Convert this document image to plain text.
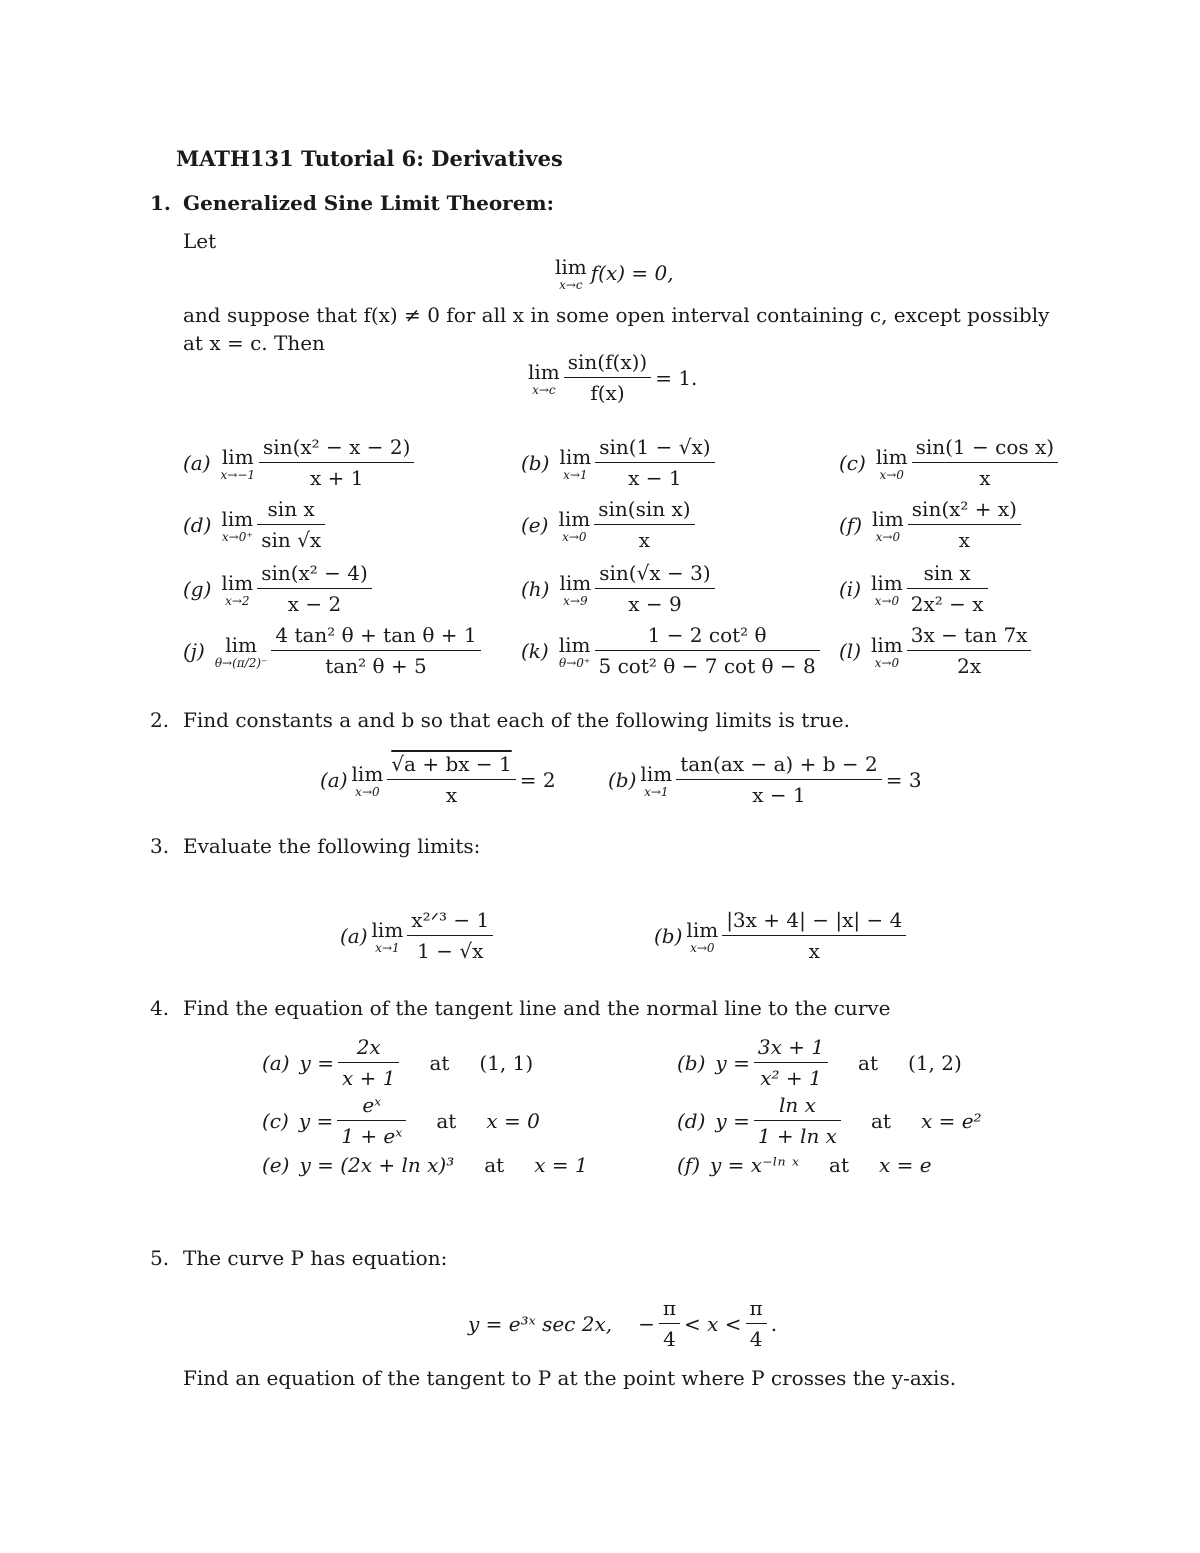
MATH131 Tutorial 6: Derivatives
1. Generalized Sine Limit Theorem:
Let
lim
x→c f(x) = 0,
and suppose that f(x) ≠ 0 for all x in some open interval containing c, except possibly
at x = c. Then
lim
$x\to c \frac{\sin(f(x))}{f(x)} = 1$.
(a) lim
$x\to-1 \frac{\text{sin(x² − x − 2)}}{x + 1}$	(b) lim
$x\to 1 \frac{\sin(1 - √x)}{x - 1}$	(c) lim
$x\to 0 \frac{\text{sin(1 − cos x)}}{x}$
(d) lim
$x\to 0^+ \frac{\text{sin x}}{\sin √x}$	(e) lim
$x\to 0 \frac{\text{sin(sin x)}}{x}$	(f) lim
$x\to 0 \frac{\text{sin(x² + x)}}{x}$
(g) lim
$x\to 2 \frac{\text{sin(x² − 4)}}{x - 2}$	(h) lim
$x\to 9 \frac{\sin(√x - 3)}{x - 9}$	(i) lim
$x\to 0 \frac{\text{sin x}}{\text{2x² − x}}$
(j)	lim
$\theta\to(\pi/2)^- \frac{\text{4 tan² θ + tan θ + 1}}{\text{tan² θ + 5}} (k)$ lim
$\theta\to 0^+ \frac{\text{1 − 2 cot² θ}}{\text{5 cot² θ − 7 cot θ − 8}} (l)$ lim
$x\to 0 \frac{3x - \tan 7x}{2x}$
2. Find constants a and b so that each of the following limits is true.
(a) lim
$x\to 0 \frac{√a + bx - 1}{x} = 2$	(b) lim
$x\to 1 \frac{\tan(ax - a) + b - 2}{x - 1} = 3$
3. Evaluate the following limits:
(a) lim
$x\to 1 \frac{\text{x²ᐟ³ − 1}}{1 - √x}$	(b) lim
$x\to 0 \frac{|3x + 4| - |x| - 4}{x}$
4. Find the equation of the tangent line and the normal line to the curve
(a) $y = \frac{2x}{x + 1}$ at (1, 1)	(b) $y = \frac{3x + 1}{\text{x² + 1}}$ at (1, 2)
(c) $y = \frac{\text{eˣ}}{\text{1 + eˣ}}$ at x = 0	(d) $y = \frac{\text{ln x}}{\text{1 + ln x}}$ at x = e²
(e) y = (2x + ln x)³ at x = 1	(f) y = x⁻ˡⁿ ˣ at x = e
5. The curve P has equation:
y = e³ˣ sec 2x, − $\frac{\pi}{4} < x < \frac{\pi}{4}$ .
Find an equation of the tangent to P at the point where P crosses the y-axis.
